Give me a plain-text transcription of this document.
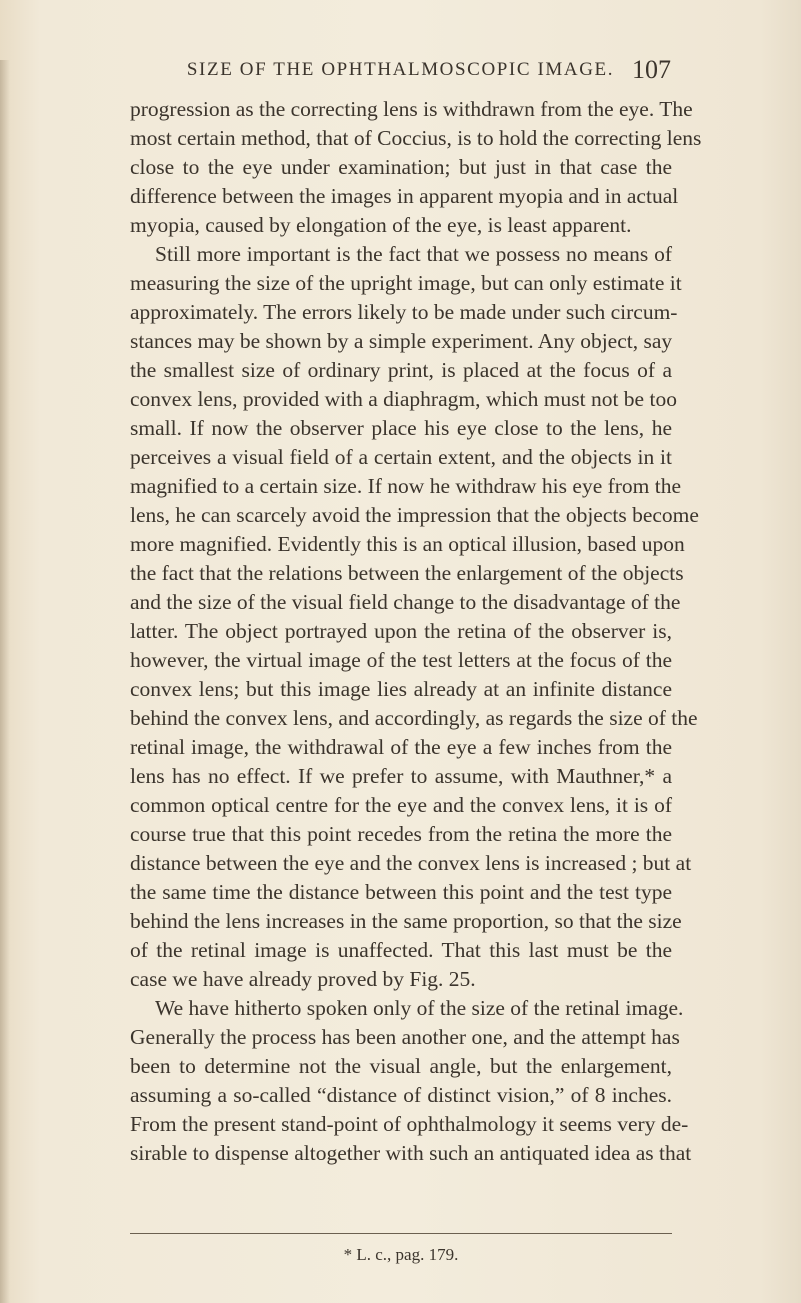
SIZE OF THE OPHTHALMOSCOPIC IMAGE. 107
progression as the correcting lens is withdrawn from the eye. The
most certain method, that of Coccius, is to hold the correcting lens
close to the eye under examination; but just in that case the
difference between the images in apparent myopia and in actual
myopia, caused by elongation of the eye, is least apparent.
Still more important is the fact that we possess no means of
measuring the size of the upright image, but can only estimate it
approximately. The errors likely to be made under such circum-
stances may be shown by a simple experiment. Any object, say
the smallest size of ordinary print, is placed at the focus of a
convex lens, provided with a diaphragm, which must not be too
small. If now the observer place his eye close to the lens, he
perceives a visual field of a certain extent, and the objects in it
magnified to a certain size. If now he withdraw his eye from the
lens, he can scarcely avoid the impression that the objects become
more magnified. Evidently this is an optical illusion, based upon
the fact that the relations between the enlargement of the objects
and the size of the visual field change to the disadvantage of the
latter. The object portrayed upon the retina of the observer is,
however, the virtual image of the test letters at the focus of the
convex lens; but this image lies already at an infinite distance
behind the convex lens, and accordingly, as regards the size of the
retinal image, the withdrawal of the eye a few inches from the
lens has no effect. If we prefer to assume, with Mauthner,* a
common optical centre for the eye and the convex lens, it is of
course true that this point recedes from the retina the more the
distance between the eye and the convex lens is increased ; but at
the same time the distance between this point and the test type
behind the lens increases in the same proportion, so that the size
of the retinal image is unaffected. That this last must be the
case we have already proved by Fig. 25.
We have hitherto spoken only of the size of the retinal image.
Generally the process has been another one, and the attempt has
been to determine not the visual angle, but the enlargement,
assuming a so-called “distance of distinct vision,” of 8 inches.
From the present stand-point of ophthalmology it seems very de-
sirable to dispense altogether with such an antiquated idea as that
* L. c., pag. 179.
